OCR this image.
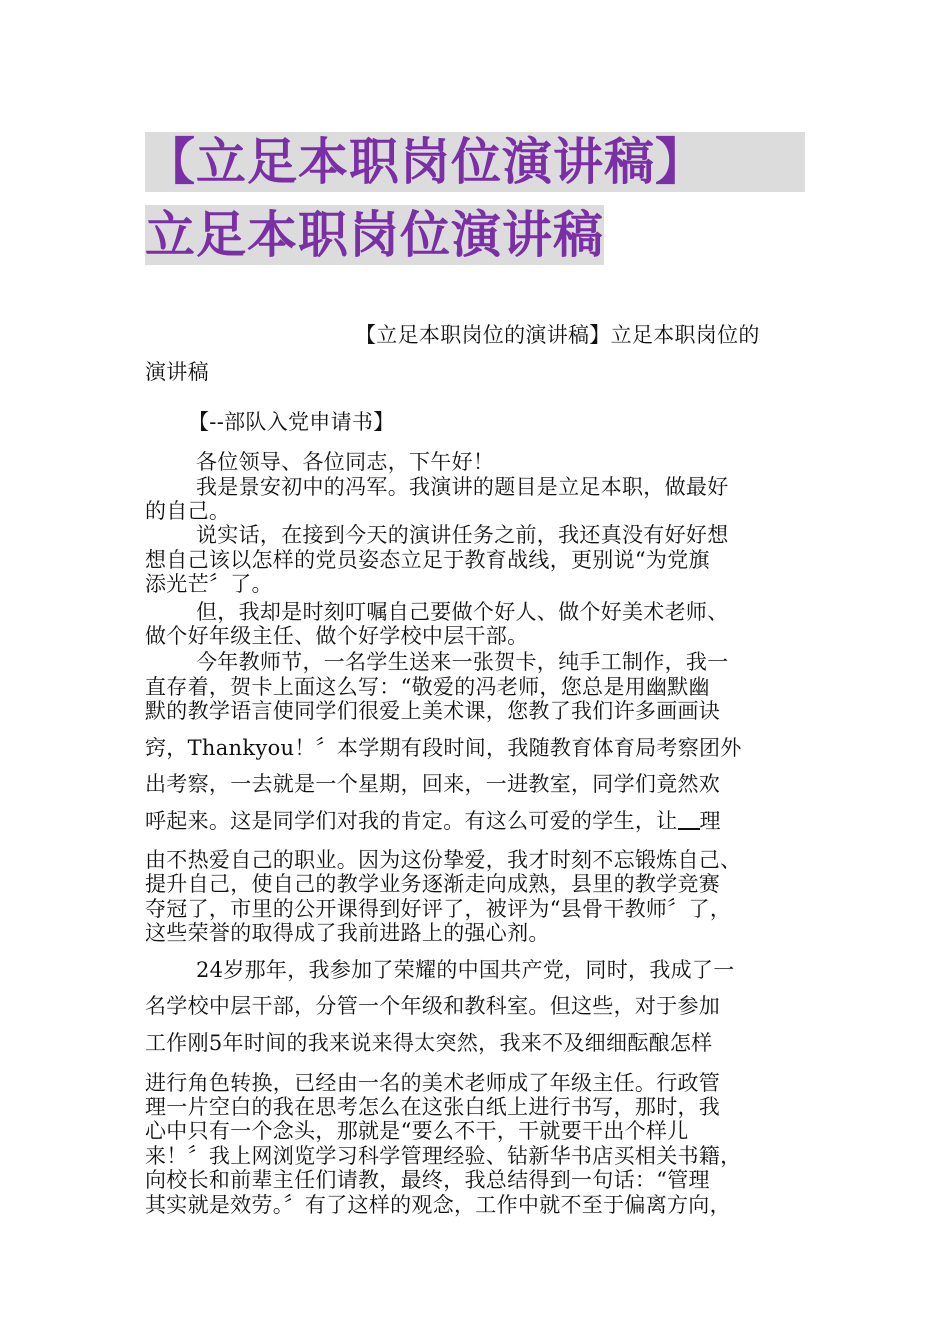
【立足本职岗位演讲稿】
立足本职岗位演讲稿
【立足本职岗位的演讲稿】立足本职岗位的
演讲稿
【--部队入党申请书】
各位领导、各位同志，下午好！
我是景安初中的冯军。我演讲的题目是立足本职，做最好
的自己。
说实话，在接到今天的演讲任务之前，我还真没有好好想
想自己该以怎样的党员姿态立足于教育战线，更别说“为党旗
添光芒〞了。
但，我却是时刻叮嘱自己要做个好人、做个好美术老师、
做个好年级主任、做个好学校中层干部。
今年教师节，一名学生送来一张贺卡，纯手工制作，我一
直存着，贺卡上面这么写：“敬爱的冯老师，您总是用幽默幽
默的教学语言使同学们很爱上美术课，您教了我们许多画画诀
窍，Thankyou！〞本学期有段时间，我随教育体育局考察团外
出考察，一去就是一个星期，回来，一进教室，同学们竟然欢
呼起来。这是同学们对我的肯定。有这么可爱的学生，让 理
由不热爱自己的职业。因为这份挚爱，我才时刻不忘锻炼自己、
提升自己，使自己的教学业务逐渐走向成熟，县里的教学竞赛
夺冠了，市里的公开课得到好评了，被评为“县骨干教师〞了，
这些荣誉的取得成了我前进路上的强心剂。
24岁那年，我参加了荣耀的中国共产党，同时，我成了一
名学校中层干部，分管一个年级和教科室。但这些，对于参加
工作刚5年时间的我来说来得太突然，我来不及细细酝酿怎样
进行角色转换，已经由一名的美术老师成了年级主任。行政管
理一片空白的我在思考怎么在这张白纸上进行书写，那时，我
心中只有一个念头，那就是“要么不干，干就要干出个样儿
来！〞我上网浏览学习科学管理经验、钻新华书店买相关书籍，
向校长和前辈主任们请教，最终，我总结得到一句话：“管理
其实就是效劳。〞有了这样的观念，工作中就不至于偏离方向，
